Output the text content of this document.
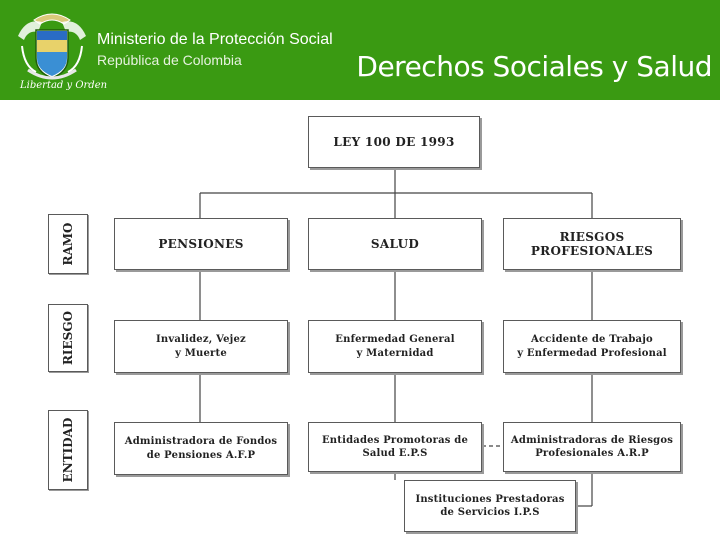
Libertad y Orden
Ministerio de la Protección Social
República de Colombia	Derechos Sociales y Salud
LEY 100 DE 1993
RAMO
RIESGO
ENTIDAD
PENSIONES	SALUD	RIESGOS
PROFESIONALES
Invalidez, Vejez
y Muerte
Enfermedad General
y Maternidad
Accidente de Trabajo
y Enfermedad Profesional
Administradora de Fondos
de Pensiones A.F.P
Entidades Promotoras de
Salud E.P.S
Administradoras de Riesgos
Profesionales A.R.P
Instituciones Prestadoras
de Servicios I.P.S
